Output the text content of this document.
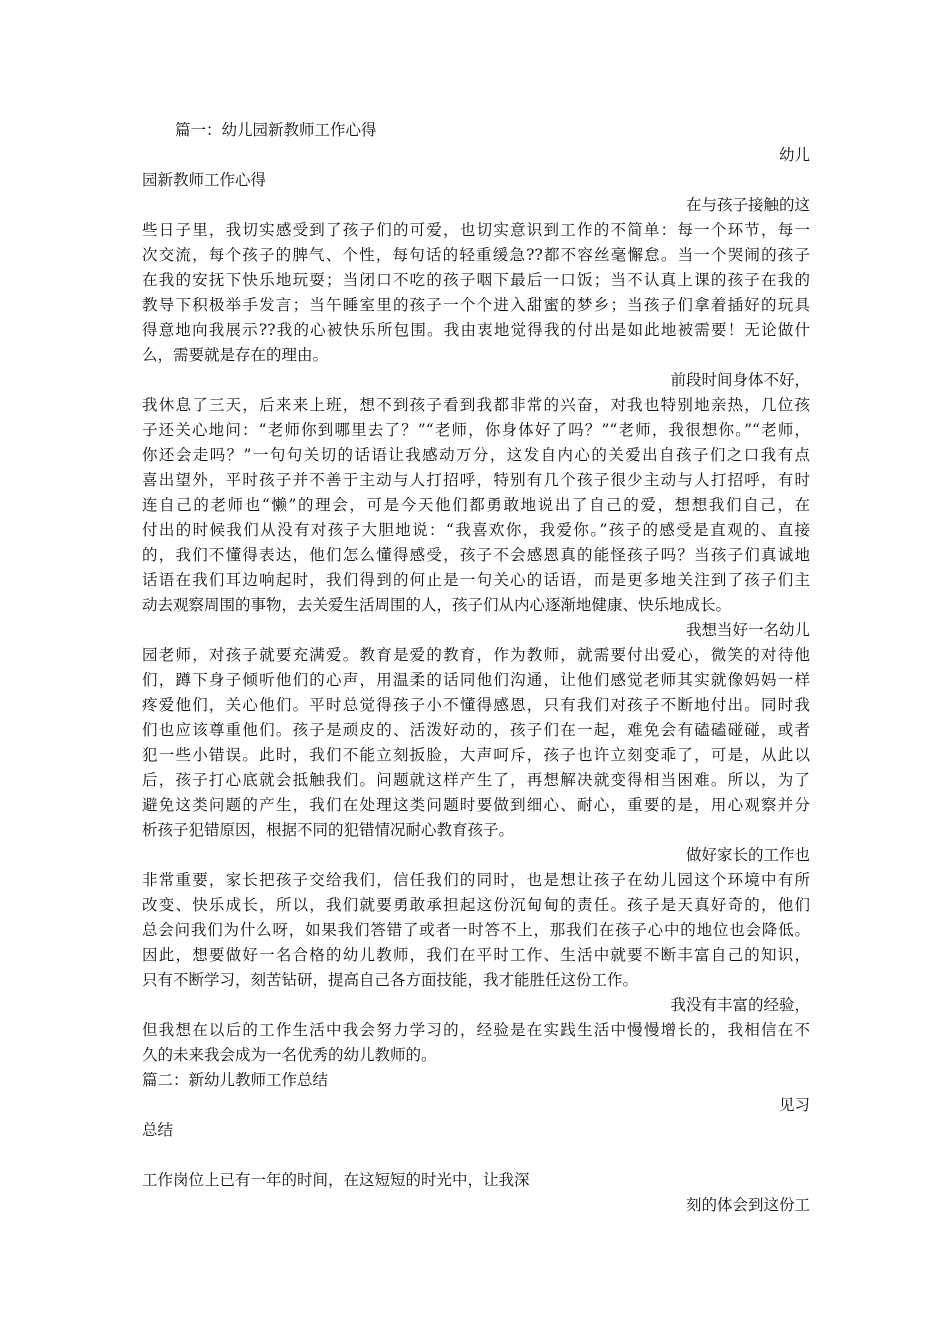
篇一：幼儿园新教师工作心得
幼儿
园新教师工作心得
在与孩子接触的这
些日子里，我切实感受到了孩子们的可爱，也切实意识到工作的不简单：每一个环节，每一
次交流，每个孩子的脾气、个性，每句话的轻重缓急??都不容丝毫懈怠。当一个哭闹的孩子
在我的安抚下快乐地玩耍；当闭口不吃的孩子咽下最后一口饭；当不认真上课的孩子在我的
教导下积极举手发言；当午睡室里的孩子一个个进入甜蜜的梦乡；当孩子们拿着插好的玩具
得意地向我展示??我的心被快乐所包围。我由衷地觉得我的付出是如此地被需要！无论做什
么，需要就是存在的理由。
前段时间身体不好，
我休息了三天，后来来上班，想不到孩子看到我都非常的兴奋，对我也特别地亲热，几位孩
子还关心地问：“老师你到哪里去了？”“老师，你身体好了吗？”“老师，我很想你。”“老师，
你还会走吗？”一句句关切的话语让我感动万分，这发自内心的关爱出自孩子们之口我有点
喜出望外，平时孩子并不善于主动与人打招呼，特别有几个孩子很少主动与人打招呼，有时
连自己的老师也“懒”的理会，可是今天他们都勇敢地说出了自己的爱，想想我们自己，在
付出的时候我们从没有对孩子大胆地说：“我喜欢你，我爱你。”孩子的感受是直观的、直接
的，我们不懂得表达，他们怎么懂得感受，孩子不会感恩真的能怪孩子吗？当孩子们真诚地
话语在我们耳边响起时，我们得到的何止是一句关心的话语，而是更多地关注到了孩子们主
动去观察周围的事物，去关爱生活周围的人，孩子们从内心逐渐地健康、快乐地成长。
我想当好一名幼儿
园老师，对孩子就要充满爱。教育是爱的教育，作为教师，就需要付出爱心，微笑的对待他
们，蹲下身子倾听他们的心声，用温柔的话同他们沟通，让他们感觉老师其实就像妈妈一样
疼爱他们，关心他们。平时总觉得孩子小不懂得感恩，只有我们对孩子不断地付出。同时我
们也应该尊重他们。孩子是顽皮的、活泼好动的，孩子们在一起，难免会有磕磕碰碰，或者
犯一些小错误。此时，我们不能立刻扳脸，大声呵斥，孩子也许立刻变乖了，可是，从此以
后，孩子打心底就会抵触我们。问题就这样产生了，再想解决就变得相当困难。所以，为了
避免这类问题的产生，我们在处理这类问题时要做到细心、耐心，重要的是，用心观察并分
析孩子犯错原因，根据不同的犯错情况耐心教育孩子。
做好家长的工作也
非常重要，家长把孩子交给我们，信任我们的同时，也是想让孩子在幼儿园这个环境中有所
改变、快乐成长，所以，我们就要勇敢承担起这份沉甸甸的责任。孩子是天真好奇的，他们
总会问我们为什么呀，如果我们答错了或者一时答不上，那我们在孩子心中的地位也会降低。
因此，想要做好一名合格的幼儿教师，我们在平时工作、生活中就要不断丰富自己的知识，
只有不断学习，刻苦钻研，提高自己各方面技能，我才能胜任这份工作。
我没有丰富的经验，
但我想在以后的工作生活中我会努力学习的，经验是在实践生活中慢慢增长的，我相信在不
久的未来我会成为一名优秀的幼儿教师的。
篇二：新幼儿教师工作总结
见习
总结
工作岗位上已有一年的时间，在这短短的时光中，让我深
刻的体会到这份工
